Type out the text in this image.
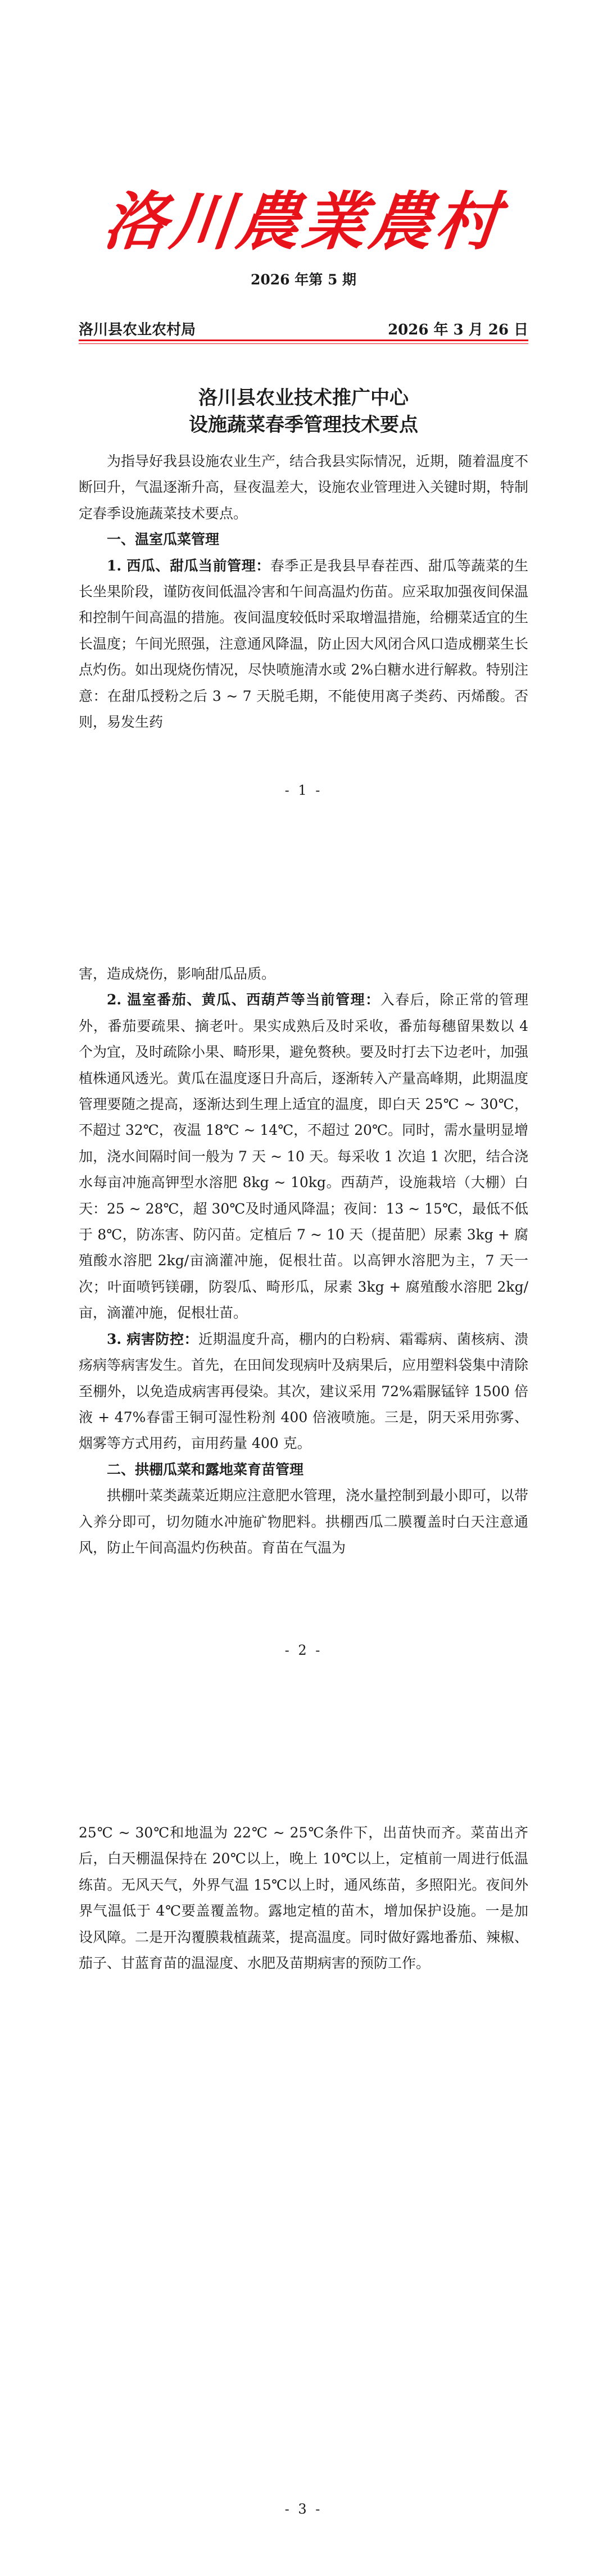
洛川農業農村
2026 年第 5 期
洛川县农业农村局	2026 年 3 月 26 日
洛川县农业技术推广中心
设施蔬菜春季管理技术要点

为指导好我县设施农业生产，结合我县实际情况，近期，随着温度不断回升，气温逐渐升高，昼夜温差大，设施农业管理进入关键时期，特制定春季设施蔬菜技术要点。

一、温室瓜菜管理

1. 西瓜、甜瓜当前管理：春季正是我县早春茬西、甜瓜等蔬菜的生长坐果阶段，谨防夜间低温冷害和午间高温灼伤苗。应采取加强夜间保温和控制午间高温的措施。夜间温度较低时采取增温措施，给棚菜适宜的生长温度；午间光照强，注意通风降温，防止因大风闭合风口造成棚菜生长点灼伤。如出现烧伤情况，尽快喷施清水或 2%白糖水进行解救。特别注意：在甜瓜授粉之后 3 ~ 7 天脱毛期，不能使用离子类药、丙烯酸。否则，易发生药

- 1 -

害，造成烧伤，影响甜瓜品质。

2. 温室番茄、黄瓜、西葫芦等当前管理：入春后，除正常的管理外，番茄要疏果、摘老叶。果实成熟后及时采收，番茄每穗留果数以 4 个为宜，及时疏除小果、畸形果，避免赘秧。要及时打去下边老叶，加强植株通风透光。黄瓜在温度逐日升高后，逐渐转入产量高峰期，此期温度管理要随之提高，逐渐达到生理上适宜的温度，即白天 25℃ ~ 30℃，不超过 32℃，夜温 18℃ ~ 14℃，不超过 20℃。同时，需水量明显增加，浇水间隔时间一般为 7 天 ~ 10 天。每采收 1 次追 1 次肥，结合浇水每亩冲施高钾型水溶肥 8kg ~ 10kg。西葫芦，设施栽培（大棚）白天：25 ~ 28℃，超 30℃及时通风降温；夜间：13 ~ 15℃，最低不低于 8℃，防冻害、防闪苗。定植后 7 ~ 10 天（提苗肥）尿素 3kg + 腐殖酸水溶肥 2kg/亩滴灌冲施，促根壮苗。以高钾水溶肥为主，7 天一次；叶面喷钙镁硼，防裂瓜、畸形瓜，尿素 3kg + 腐殖酸水溶肥 2kg/亩，滴灌冲施，促根壮苗。

3. 病害防控：近期温度升高，棚内的白粉病、霜霉病、菌核病、溃疡病等病害发生。首先，在田间发现病叶及病果后，应用塑料袋集中清除至棚外，以免造成病害再侵染。其次，建议采用 72%霜脲锰锌 1500 倍液 + 47%春雷王铜可湿性粉剂 400 倍液喷施。三是，阴天采用弥雾、烟雾等方式用药，亩用药量 400 克。

二、拱棚瓜菜和露地菜育苗管理

拱棚叶菜类蔬菜近期应注意肥水管理，浇水量控制到最小即可，以带入养分即可，切勿随水冲施矿物肥料。拱棚西瓜二膜覆盖时白天注意通风，防止午间高温灼伤秧苗。育苗在气温为

- 2 -

25℃ ~ 30℃和地温为 22℃ ~ 25℃条件下，出苗快而齐。菜苗出齐后，白天棚温保持在 20℃以上，晚上 10℃以上，定植前一周进行低温练苗。无风天气，外界气温 15℃以上时，通风练苗，多照阳光。夜间外界气温低于 4℃要盖覆盖物。露地定植的苗木，增加保护设施。一是加设风障。二是开沟覆膜栽植蔬菜，提高温度。同时做好露地番茄、辣椒、茄子、甘蓝育苗的温湿度、水肥及苗期病害的预防工作。

- 3 -
